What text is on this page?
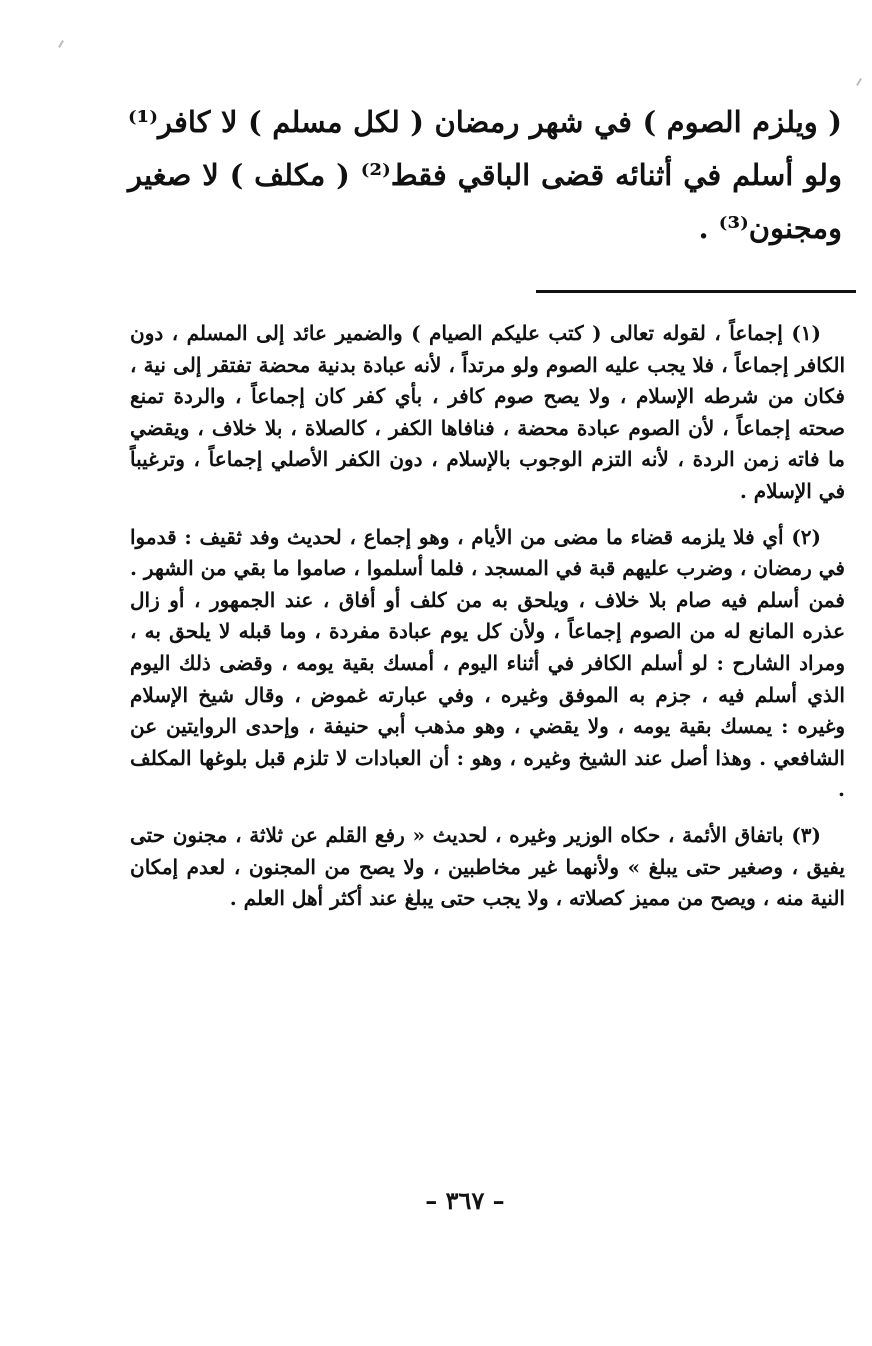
( ويلزم الصوم ) في شهر رمضان ( لكل مسلم ) لا كافر⁽¹⁾ ولو أسلم في أثنائه قضى الباقي فقط⁽²⁾ ( مكلف ) لا صغير ومجنون⁽³⁾ .

(١) إجماعاً ، لقوله تعالى ( كتب عليكم الصيام ) والضمير عائد إلى المسلم ، دون الكافر إجماعاً ، فلا يجب عليه الصوم ولو مرتداً ، لأنه عبادة بدنية محضة تفتقر إلى نية ، فكان من شرطه الإسلام ، ولا يصح صوم كافر ، بأي كفر كان إجماعاً ، والردة تمنع صحته إجماعاً ، لأن الصوم عبادة محضة ، فنافاها الكفر ، كالصلاة ، بلا خلاف ، ويقضي ما فاته زمن الردة ، لأنه التزم الوجوب بالإسلام ، دون الكفر الأصلي إجماعاً ، وترغيباً في الإسلام .

(٢) أي فلا يلزمه قضاء ما مضى من الأيام ، وهو إجماع ، لحديث وفد ثقيف : قدموا في رمضان ، وضرب عليهم قبة في المسجد ، فلما أسلموا ، صاموا ما بقي من الشهر . فمن أسلم فيه صام بلا خلاف ، ويلحق به من كلف أو أفاق ، عند الجمهور ، أو زال عذره المانع له من الصوم إجماعاً ، ولأن كل يوم عبادة مفردة ، وما قبله لا يلحق به ، ومراد الشارح : لو أسلم الكافر في أثناء اليوم ، أمسك بقية يومه ، وقضى ذلك اليوم الذي أسلم فيه ، جزم به الموفق وغيره ، وفي عبارته غموض ، وقال شيخ الإسلام وغيره : يمسك بقية يومه ، ولا يقضي ، وهو مذهب أبي حنيفة ، وإحدى الروايتين عن الشافعي . وهذا أصل عند الشيخ وغيره ، وهو : أن العبادات لا تلزم قبل بلوغها المكلف .

(٣) باتفاق الأئمة ، حكاه الوزير وغيره ، لحديث « رفع القلم عن ثلاثة ، مجنون حتى يفيق ، وصغير حتى يبلغ » ولأنهما غير مخاطبين ، ولا يصح من المجنون ، لعدم إمكان النية منه ، ويصح من مميز كصلاته ، ولا يجب حتى يبلغ عند أكثر أهل العلم .

– ٣٦٧ –
